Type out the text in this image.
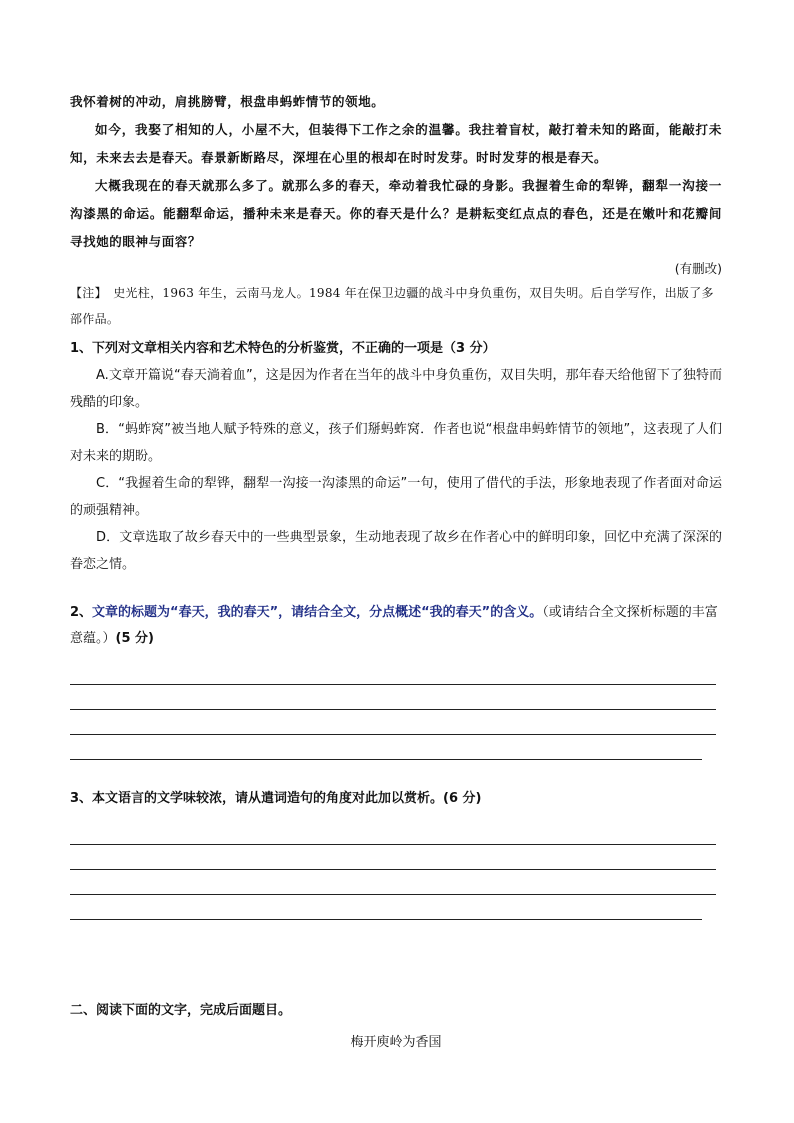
我怀着树的冲动，肩挑膀臂，根盘串蚂蚱情节的领地。

如今，我娶了相知的人，小屋不大，但装得下工作之余的温馨。我拄着盲杖，敲打着未知的路面，能敲打未知，未来去去是春天。春景新断路尽，深埋在心里的根却在时时发芽。时时发芽的根是春天。

大概我现在的春天就那么多了。就那么多的春天，牵动着我忙碌的身影。我握着生命的犁铧，翻犁一沟接一沟漆黑的命运。能翻犁命运，播种未来是春天。你的春天是什么？是耕耘变红点点的春色，还是在嫩叶和花瓣间寻找她的眼神与面容？

(有删改)

【注】　史光柱，1963 年生，云南马龙人。1984 年在保卫边疆的战斗中身负重伤，双目失明。后自学写作，出版了多部作品。

1、下列对文章相关内容和艺术特色的分析鉴赏，不正确的一项是（3 分）

A.文章开篇说“春天淌着血”，这是因为作者在当年的战斗中身负重伤，双目失明，那年春天给他留下了独特而残酷的印象。

B．“蚂蚱窝”被当地人赋予特殊的意义，孩子们掰蚂蚱窝．作者也说“根盘串蚂蚱情节的领地”，这表现了人们对未来的期盼。

C．“我握着生命的犁铧，翻犁一沟接一沟漆黑的命运”一句，使用了借代的手法，形象地表现了作者面对命运的顽强精神。

D．文章选取了故乡春天中的一些典型景象，生动地表现了故乡在作者心中的鲜明印象，回忆中充满了深深的眷恋之情。

2、文章的标题为“春天，我的春天”，请结合全文，分点概述“我的春天”的含义。（或请结合全文探析标题的丰富意蕴。）(5 分)

3、本文语言的文学味较浓，请从遣词造句的角度对此加以赏析。(6 分)

二、阅读下面的文字，完成后面题目。

梅开庾岭为香国
